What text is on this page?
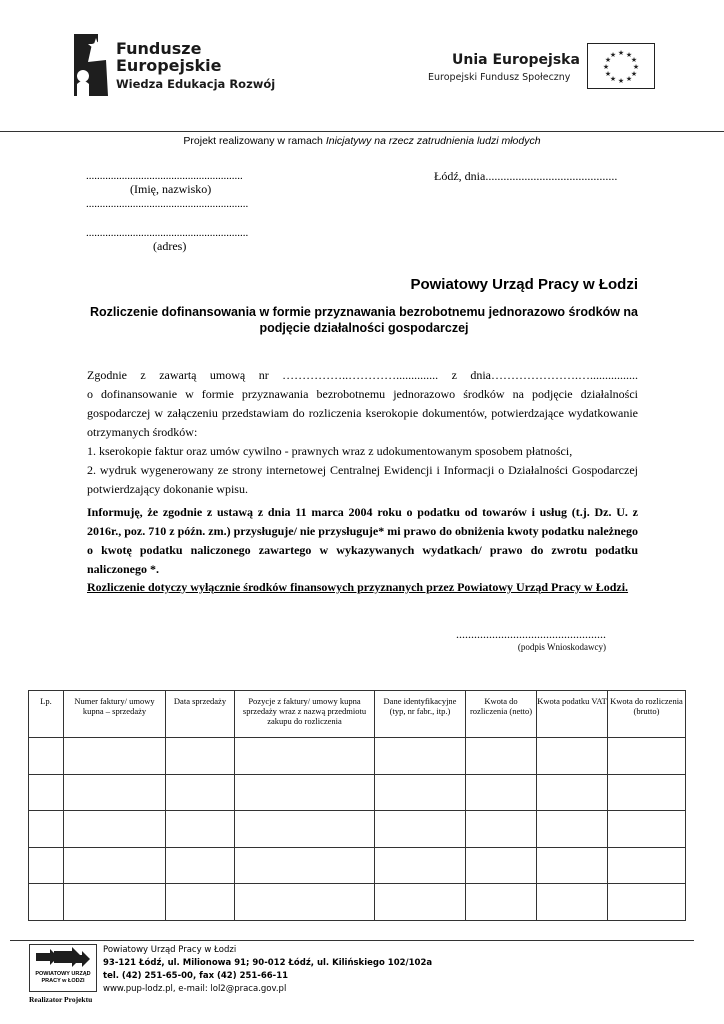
Fundusze
Europejskie
Wiedza Edukacja Rozwój
Unia Europejska
Europejski Fundusz Społeczny
★ ★
★
★
★
★
★
★
★
★
★
★
Projekt realizowany w ramach Inicjatywy na rzecz zatrudnienia ludzi młodych
.........................................................
(Imię, nazwisko)
...........................................................
...........................................................
(adres)
Łódź, dnia............................................
Powiatowy Urząd Pracy w Łodzi
Rozliczenie dofinansowania w formie przyznawania bezrobotnemu jednorazowo środków na podjęcie działalności gospodarczej

Zgodnie z zawartą umową nr ……………..………….............. z dnia………………….…................

o dofinansowanie w formie przyznawania bezrobotnemu jednorazowo środków na podjęcie działalności gospodarczej w załączeniu przedstawiam do rozliczenia kserokopie dokumentów, potwierdzające wydatkowanie otrzymanych środków:

1. kserokopie faktur oraz umów cywilno - prawnych wraz z udokumentowanym sposobem płatności,

2. wydruk wygenerowany ze strony internetowej Centralnej Ewidencji i Informacji o Działalności Gospodarczej potwierdzający dokonanie wpisu.

Informuję, że zgodnie z ustawą z dnia 11 marca 2004 roku o podatku od towarów i usług (t.j. Dz. U. z 2016r., poz. 710 z późn. zm.) przysługuje/ nie przysługuje* mi prawo do obniżenia kwoty podatku należnego o kwotę podatku naliczonego zawartego w wykazywanych wydatkach/ prawo do zwrotu podatku naliczonego *.

Rozliczenie dotyczy wyłącznie środków finansowych przyznanych przez Powiatowy Urząd Pracy w Łodzi.

..................................................
(podpis Wnioskodawcy)
Lp.	Numer faktury/ umowy kupna – sprzedaży	Data sprzedaży	Pozycje z faktury/ umowy kupna sprzedaży wraz z nazwą przedmiotu zakupu do rozliczenia	Dane identyfikacyjne (typ, nr fabr., itp.)	Kwota do rozliczenia (netto)	Kwota podatku VAT	Kwota do rozliczenia (brutto)

POWIATOWY URZĄD PRACY w ŁODZI
Realizator Projektu
Powiatowy Urząd Pracy w Łodzi
93-121 Łódź, ul. Milionowa 91; 90-012 Łódź, ul. Kilińskiego 102/102a
tel. (42) 251-65-00, fax (42) 251-66-11
www.pup-lodz.pl, e-mail: lol2@praca.gov.pl
